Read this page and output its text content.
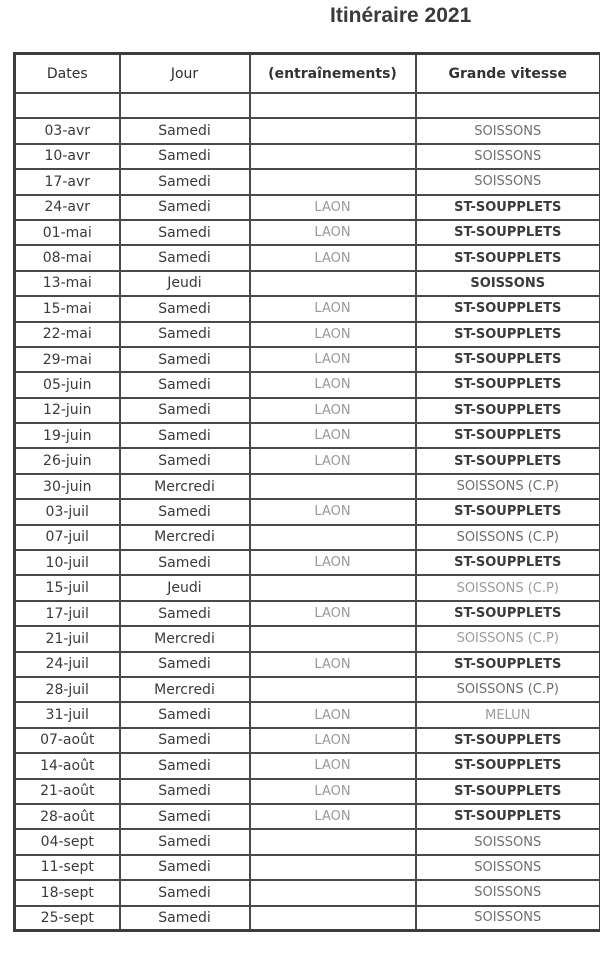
Itinéraire 2021
Dates	Jour	(entraînements)	Grande vitesse

03-avr	Samedi		SOISSONS
10-avr	Samedi		SOISSONS
17-avr	Samedi		SOISSONS
24-avr	Samedi	LAON	ST-SOUPPLETS
01-mai	Samedi	LAON	ST-SOUPPLETS
08-mai	Samedi	LAON	ST-SOUPPLETS
13-mai	Jeudi		SOISSONS
15-mai	Samedi	LAON	ST-SOUPPLETS
22-mai	Samedi	LAON	ST-SOUPPLETS
29-mai	Samedi	LAON	ST-SOUPPLETS
05-juin	Samedi	LAON	ST-SOUPPLETS
12-juin	Samedi	LAON	ST-SOUPPLETS
19-juin	Samedi	LAON	ST-SOUPPLETS
26-juin	Samedi	LAON	ST-SOUPPLETS
30-juin	Mercredi		SOISSONS (C.P)
03-juil	Samedi	LAON	ST-SOUPPLETS
07-juil	Mercredi		SOISSONS (C.P)
10-juil	Samedi	LAON	ST-SOUPPLETS
15-juil	Jeudi		SOISSONS (C.P)
17-juil	Samedi	LAON	ST-SOUPPLETS
21-juil	Mercredi		SOISSONS (C.P)
24-juil	Samedi	LAON	ST-SOUPPLETS
28-juil	Mercredi		SOISSONS (C.P)
31-juil	Samedi	LAON	MELUN
07-août	Samedi	LAON	ST-SOUPPLETS
14-août	Samedi	LAON	ST-SOUPPLETS
21-août	Samedi	LAON	ST-SOUPPLETS
28-août	Samedi	LAON	ST-SOUPPLETS
04-sept	Samedi		SOISSONS
11-sept	Samedi		SOISSONS
18-sept	Samedi		SOISSONS
25-sept	Samedi		SOISSONS
